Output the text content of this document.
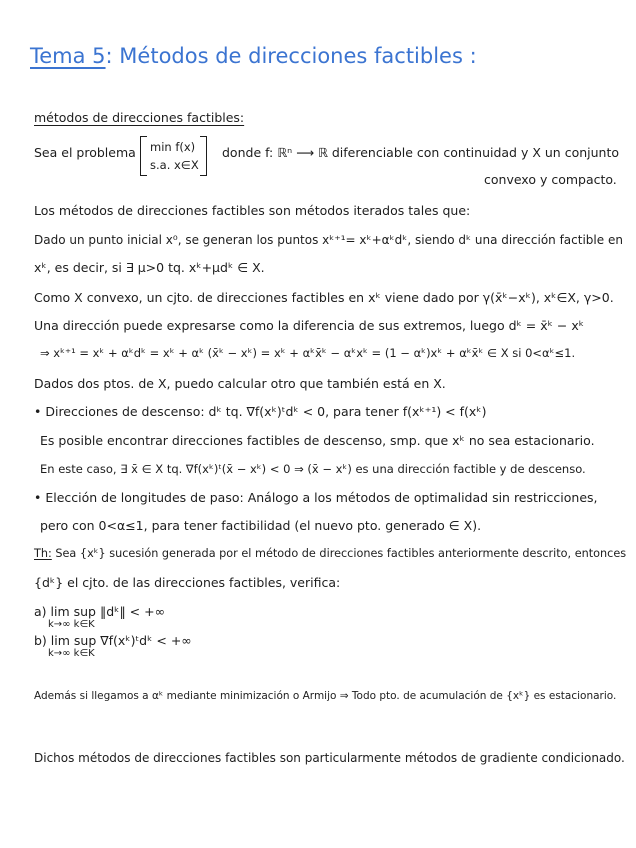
Tema 5: Métodos de direcciones factibles :
métodos de direcciones factibles:
Sea el problema min f(x)
s.a. x∈X
donde f: ℝⁿ ⟶ ℝ diferenciable con continuidad y X un conjunto
convexo y compacto.
Los métodos de direcciones factibles son métodos iterados tales que:
Dado un punto inicial x⁰, se generan los puntos xᵏ⁺¹= xᵏ+αᵏdᵏ, siendo dᵏ una dirección factible en
xᵏ, es decir, si ∃ μ>0 tq. xᵏ+μdᵏ ∈ X.
Como X convexo, un cjto. de direcciones factibles en xᵏ viene dado por γ(x̄ᵏ−xᵏ), xᵏ∈X, γ>0.
Una dirección puede expresarse como la diferencia de sus extremos, luego dᵏ = x̄ᵏ − xᵏ
⇒ xᵏ⁺¹ = xᵏ + αᵏdᵏ = xᵏ + αᵏ (x̄ᵏ − xᵏ) = xᵏ + αᵏx̄ᵏ − αᵏxᵏ = (1 − αᵏ)xᵏ + αᵏx̄ᵏ ∈ X si 0<αᵏ≤1.
Dados dos ptos. de X, puedo calcular otro que también está en X.
• Direcciones de descenso: dᵏ tq. ∇f(xᵏ)ᵗdᵏ < 0, para tener f(xᵏ⁺¹) < f(xᵏ)
Es posible encontrar direcciones factibles de descenso, smp. que xᵏ no sea estacionario.
En este caso, ∃ x̄ ∈ X tq. ∇f(xᵏ)ᵗ(x̄ − xᵏ) < 0 ⇒ (x̄ − xᵏ) es una dirección factible y de descenso.
• Elección de longitudes de paso: Análogo a los métodos de optimalidad sin restricciones,
pero con 0<α≤1, para tener factibilidad (el nuevo pto. generado ∈ X).
Th: Sea {xᵏ} sucesión generada por el método de direcciones factibles anteriormente descrito, entonces
{dᵏ} el cjto. de las direcciones factibles, verifica:
a) lim sup ‖dᵏ‖ < +∞
k→∞ k∈K
b) lim sup ∇f(xᵏ)ᵗdᵏ < +∞
k→∞ k∈K
Además si llegamos a αᵏ mediante minimización o Armijo ⇒ Todo pto. de acumulación de {xᵏ} es estacionario.
Dichos métodos de direcciones factibles son particularmente métodos de gradiente condicionado.
